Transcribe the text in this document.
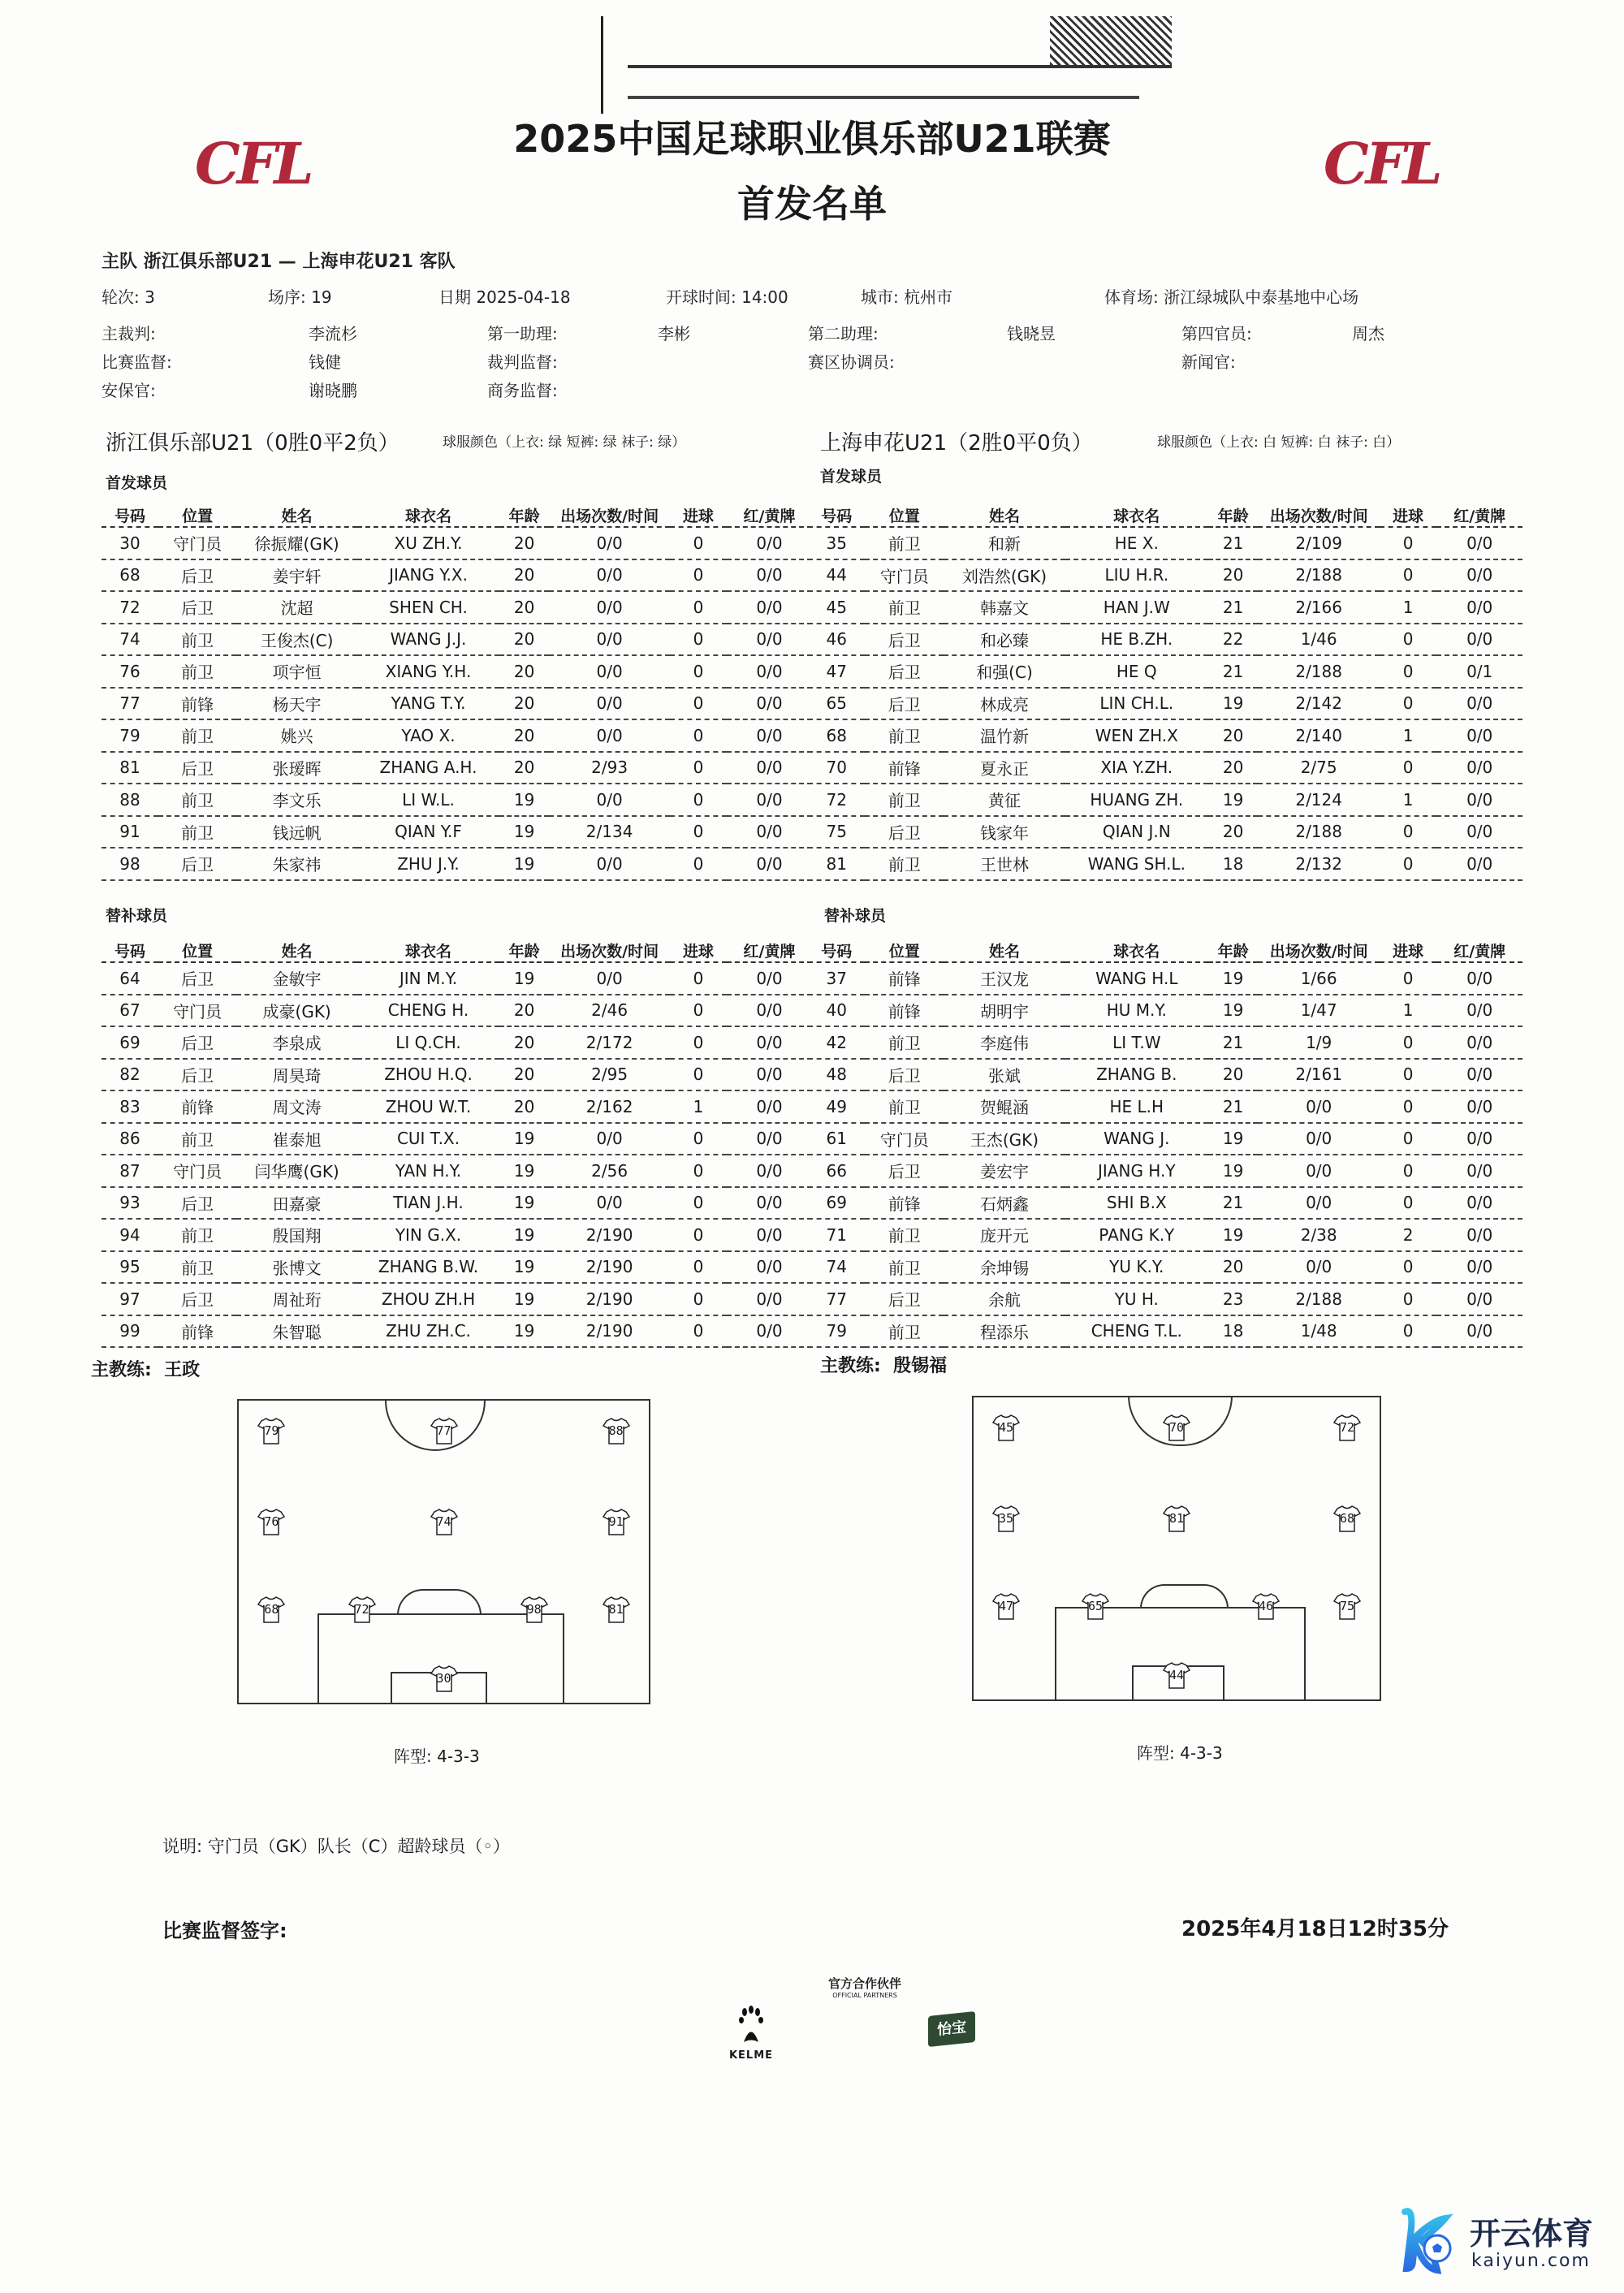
CFL	CFL
2025中国足球职业俱乐部U21联赛
首发名单
主队 浙江俱乐部U21 — 上海申花U21 客队
轮次: 3	场序: 19	日期 2025-04-18	开球时间: 14:00	城市: 杭州市	体育场: 浙江绿城队中泰基地中心场
主裁判:	李流杉	第一助理:	李彬	第二助理:	钱晓昱	第四官员:	周杰
比赛监督:	钱健	裁判监督:	赛区协调员:	新闻官:
安保官:	谢晓鹏	商务监督:
浙江俱乐部U21（0胜0平2负）	球服颜色（上衣: 绿 短裤: 绿 袜子: 绿）	上海申花U21（2胜0平0负）	球服颜色（上衣: 白 短裤: 白 袜子: 白）
首发球员	首发球员
替补球员	替补球员
号码	位置	姓名	球衣名	年龄	出场次数/时间	进球	红/黄牌
30	守门员	徐振耀(GK)	XU ZH.Y.	20	0/0	0	0/0
68	后卫	姜宇轩	JIANG Y.X.	20	0/0	0	0/0
72	后卫	沈超	SHEN CH.	20	0/0	0	0/0
74	前卫	王俊杰(C)	WANG J.J.	20	0/0	0	0/0
76	前卫	项宇恒	XIANG Y.H.	20	0/0	0	0/0
77	前锋	杨天宇	YANG T.Y.	20	0/0	0	0/0
79	前卫	姚兴	YAO X.	20	0/0	0	0/0
81	后卫	张瑷晖	ZHANG A.H.	20	2/93	0	0/0
88	前卫	李文乐	LI W.L.	19	0/0	0	0/0
91	前卫	钱远帆	QIAN Y.F	19	2/134	0	0/0
98	后卫	朱家祎	ZHU J.Y.	19	0/0	0	0/0
号码	位置	姓名	球衣名	年龄	出场次数/时间	进球	红/黄牌
35	前卫	和新	HE X.	21	2/109	0	0/0
44	守门员	刘浩然(GK)	LIU H.R.	20	2/188	0	0/0
45	前卫	韩嘉文	HAN J.W	21	2/166	1	0/0
46	后卫	和必臻	HE B.ZH.	22	1/46	0	0/0
47	后卫	和强(C)	HE Q	21	2/188	0	0/1
65	后卫	林成亮	LIN CH.L.	19	2/142	0	0/0
68	前卫	温竹新	WEN ZH.X	20	2/140	1	0/0
70	前锋	夏永正	XIA Y.ZH.	20	2/75	0	0/0
72	前卫	黄征	HUANG ZH.	19	2/124	1	0/0
75	后卫	钱家年	QIAN J.N	20	2/188	0	0/0
81	前卫	王世林	WANG SH.L.	18	2/132	0	0/0
号码	位置	姓名	球衣名	年龄	出场次数/时间	进球	红/黄牌
64	后卫	金敏宇	JIN M.Y.	19	0/0	0	0/0
67	守门员	成豪(GK)	CHENG H.	20	2/46	0	0/0
69	后卫	李泉成	LI Q.CH.	20	2/172	0	0/0
82	后卫	周昊琦	ZHOU H.Q.	20	2/95	0	0/0
83	前锋	周文涛	ZHOU W.T.	20	2/162	1	0/0
86	前卫	崔泰旭	CUI T.X.	19	0/0	0	0/0
87	守门员	闫华鹰(GK)	YAN H.Y.	19	2/56	0	0/0
93	后卫	田嘉豪	TIAN J.H.	19	0/0	0	0/0
94	前卫	殷国翔	YIN G.X.	19	2/190	0	0/0
95	前卫	张博文	ZHANG B.W.	19	2/190	0	0/0
97	后卫	周祉珩	ZHOU ZH.H	19	2/190	0	0/0
99	前锋	朱智聪	ZHU ZH.C.	19	2/190	0	0/0
号码	位置	姓名	球衣名	年龄	出场次数/时间	进球	红/黄牌
37	前锋	王汉龙	WANG H.L	19	1/66	0	0/0
40	前锋	胡明宇	HU M.Y.	19	1/47	1	0/0
42	前卫	李庭伟	LI T.W	21	1/9	0	0/0
48	后卫	张斌	ZHANG B.	20	2/161	0	0/0
49	前卫	贺鲲涵	HE L.H	21	0/0	0	0/0
61	守门员	王杰(GK)	WANG J.	19	0/0	0	0/0
66	后卫	姜宏宇	JIANG H.Y	19	0/0	0	0/0
69	前锋	石炳鑫	SHI B.X	21	0/0	0	0/0
71	前卫	庞开元	PANG K.Y	19	2/38	2	0/0
74	前卫	余坤锡	YU K.Y.	20	0/0	0	0/0
77	后卫	余航	YU H.	23	2/188	0	0/0
79	前卫	程添乐	CHENG T.L.	18	1/48	0	0/0
主教练: 王政	主教练: 殷锡福
79	77	88
76	74	91
68	72	98	81
30
45	70	72
35	81	68
47	65	46	75
44
阵型: 4-3-3	阵型: 4-3-3
说明: 守门员（GK）队长（C）超龄球员（◦）
比赛监督签字:	2025年4月18日12时35分
官方合作伙伴
OFFICIAL PARTNERS
KELME
怡宝
开云体育
kaiyun.com
